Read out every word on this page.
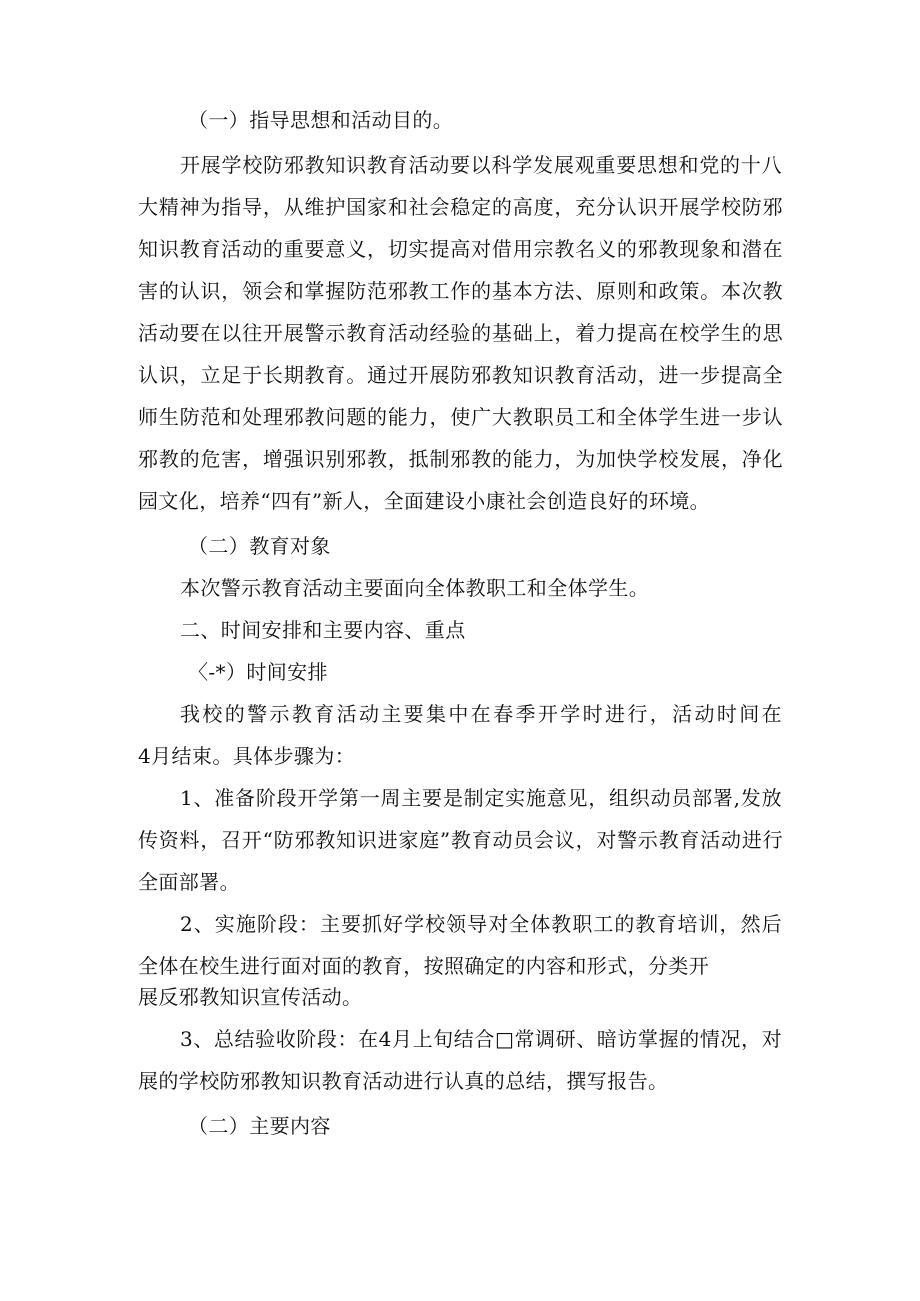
（一）指导思想和活动目的。
开展学校防邪教知识教育活动要以科学发展观重要思想和党的十八
大精神为指导，从维护国家和社会稳定的高度，充分认识开展学校防邪
知识教育活动的重要意义，切实提高对借用宗教名义的邪教现象和潜在
害的认识，领会和掌握防范邪教工作的基本方法、原则和政策。本次教
活动要在以往开展警示教育活动经验的基础上，着力提高在校学生的思
认识，立足于长期教育。通过开展防邪教知识教育活动，进一步提高全
师生防范和处理邪教问题的能力，使广大教职员工和全体学生进一步认
邪教的危害，增强识别邪教，抵制邪教的能力，为加快学校发展，净化
园文化，培养“四有”新人，全面建设小康社会创造良好的环境。
（二）教育对象
本次警示教育活动主要面向全体教职工和全体学生。
二、时间安排和主要内容、重点
〈-*）时间安排
我校的警示教育活动主要集中在春季开学时进行，活动时间在
4月结束。具体步骤为：
1、准备阶段开学第一周主要是制定实施意见，组织动员部署,发放
传资料，召开“防邪教知识进家庭”教育动员会议，对警示教育活动进行
全面部署。
2、实施阶段：主要抓好学校领导对全体教职工的教育培训，然后
全体在校生进行面对面的教育，按照确定的内容和形式，分类开
展反邪教知识宣传活动。
3、总结验收阶段：在4月上旬结合□常调研、暗访掌握的情况，对
展的学校防邪教知识教育活动进行认真的总结，撰写报告。
（二）主要内容
